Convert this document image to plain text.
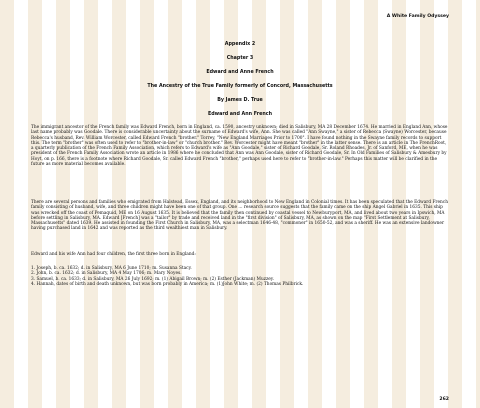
A White Family Odyssey
Appendix 2
Chapter 3
Edward and Anne French
The Ancestry of the True Family formerly of Concord, Massachusetts
By James D. True
Edward and Ann French

The immigrant ancestor of the French family was Edward French, born in England, ca. 1590, ancestry unknown; died in Salisbury, MA 28 December 1674. He married in England Ann, whose last name probably was Goodale. There is considerable uncertainty about the surname of Edward's wife, Ann. She was called "Ann Swayne," a sister of Rebecca (Swayne) Worcester, because Rebecca's husband, Rev. William Worcester, called Edward French "brother." Torrey, "New England Marriages Prior to 1700". I have found nothing in the Swayne family records to support this. The term "brother" was often used to refer to "brother-in-law" or "church brother." Rev. Worcester might have meant "brother" in the latter sense. There is an article in The FrenchRoot, a quarterly publication of the French Family Association, which refers to Edward's wife as "Ann Goodale," sister of Richard Goodale, Sr. Roland Rhoades, Jr. of Sanford, ME, when he was president of the French Family Association wrote an article in 1986 where he concluded that Ann was Ann Goodale, sister of Richard Goodale, Sr. In Old Families of Salisbury & Amesbury by Hoyt, on p. 166, there is a footnote where Richard Goodale, Sr. called Edward French "brother," perhaps used here to refer to "brother-in-law." Perhaps this matter will be clarified in the future as more material becomes available.

There are several persons and families who emigrated from Halstead, Essex, England, and its neighborhood to New England in Colonial times. It has been speculated that the Edward French family consisting of husband, wife, and three children might have been one of that group. One ... research source suggests that the family came on the ship Angel Gabriel in 1635. This ship was wrecked off the coast of Pemaquid, ME on 16 August 1635. It is believed that the family then continued by coastal vessel to Newburyport, MA, and lived about two years in Ipswich, MA before settling in Salisbury, MA. Edward [French] was a "tailor" by trade and received land in the "first division" of Salisbury, MA, as shown on the map "First Settlement at Salisbury, Massachusetts" dated 1639. He assisted in founding the First Church in Salisbury, MA, was a selectman 1646-48, "commoner" in 1650-52, and was a sheriff. He was an extensive landowner having purchased land in 1642 and was reported as the third wealthiest man in Salisbury.

Edward and his wife Ann had four children, the first three born in England:

1. Joseph, b. ca. 1632; d. in Salisbury, MA 6 June 1710; m. Susanna Stacy.
2. John, b. ca. 1632; d. in Salisbury, MA 4 May 1706; m. Mary Noyes.
3. Samuel, b. ca. 1633; d. in Salisbury, MA 26 July 1692; m. (1) Abigail Brown; m. (2) Esther (Jackman) Muzzey.
4. Hannah, dates of birth and death unknown, but was born probably in America; m. (1)John White; m. (2) Thomas Philbrick.
262
